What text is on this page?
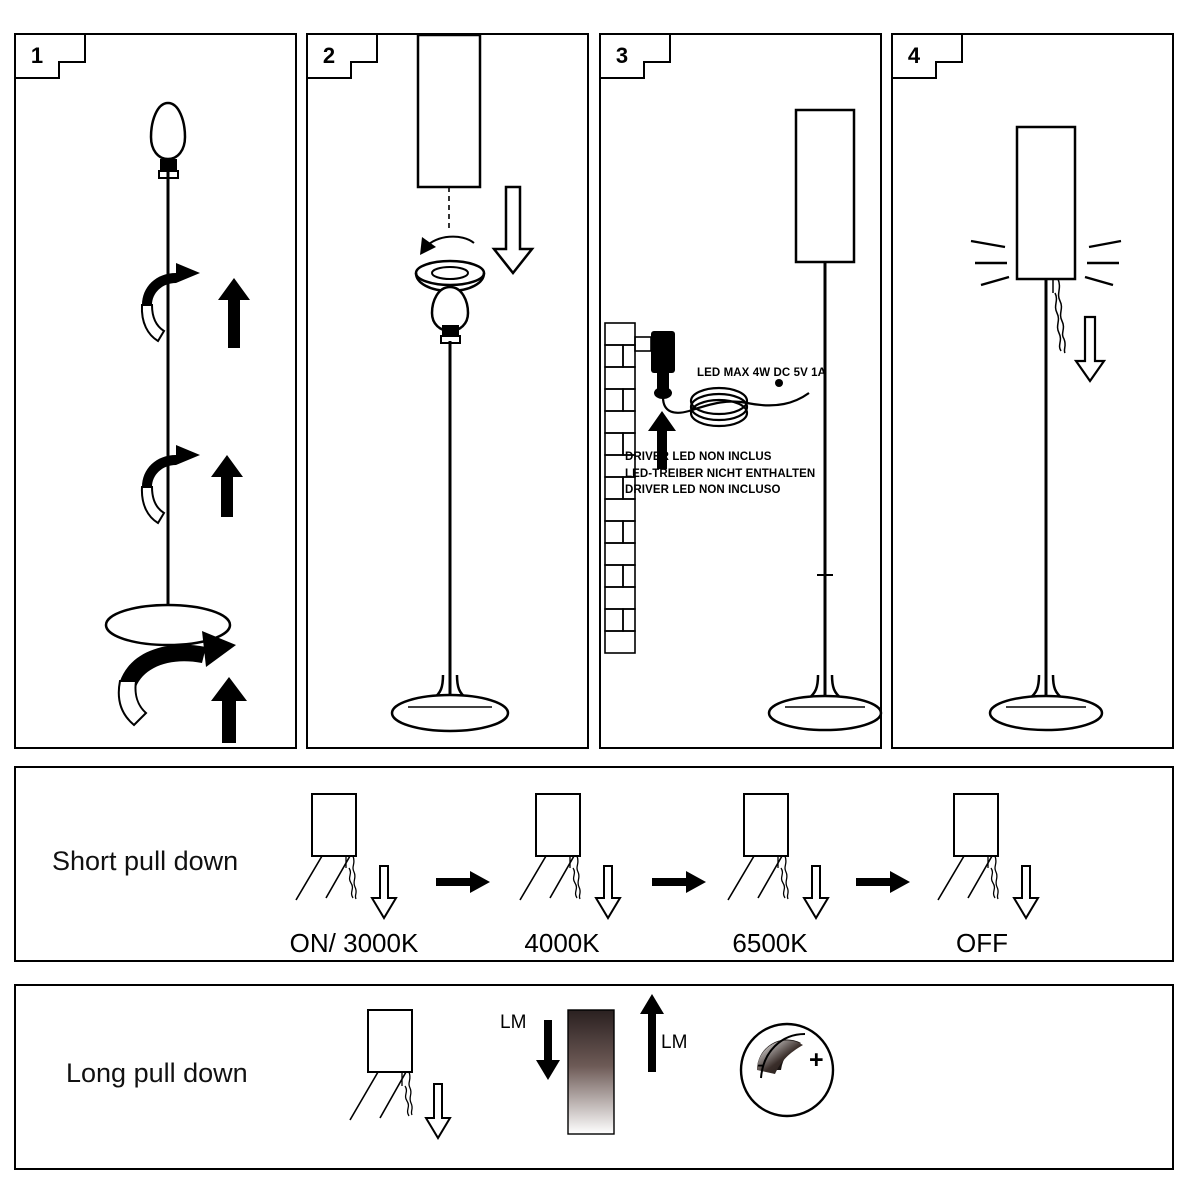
1	2	3
LED MAX 4W DC 5V 1A
DRIVER LED NON INCLUS
LED-TREIBER NICHT ENTHALTEN
DRIVER LED NON INCLUSO
4
Short pull down
ON/ 3000K	4000K	6500K	OFF
Long pull down
LM
LM
- +
